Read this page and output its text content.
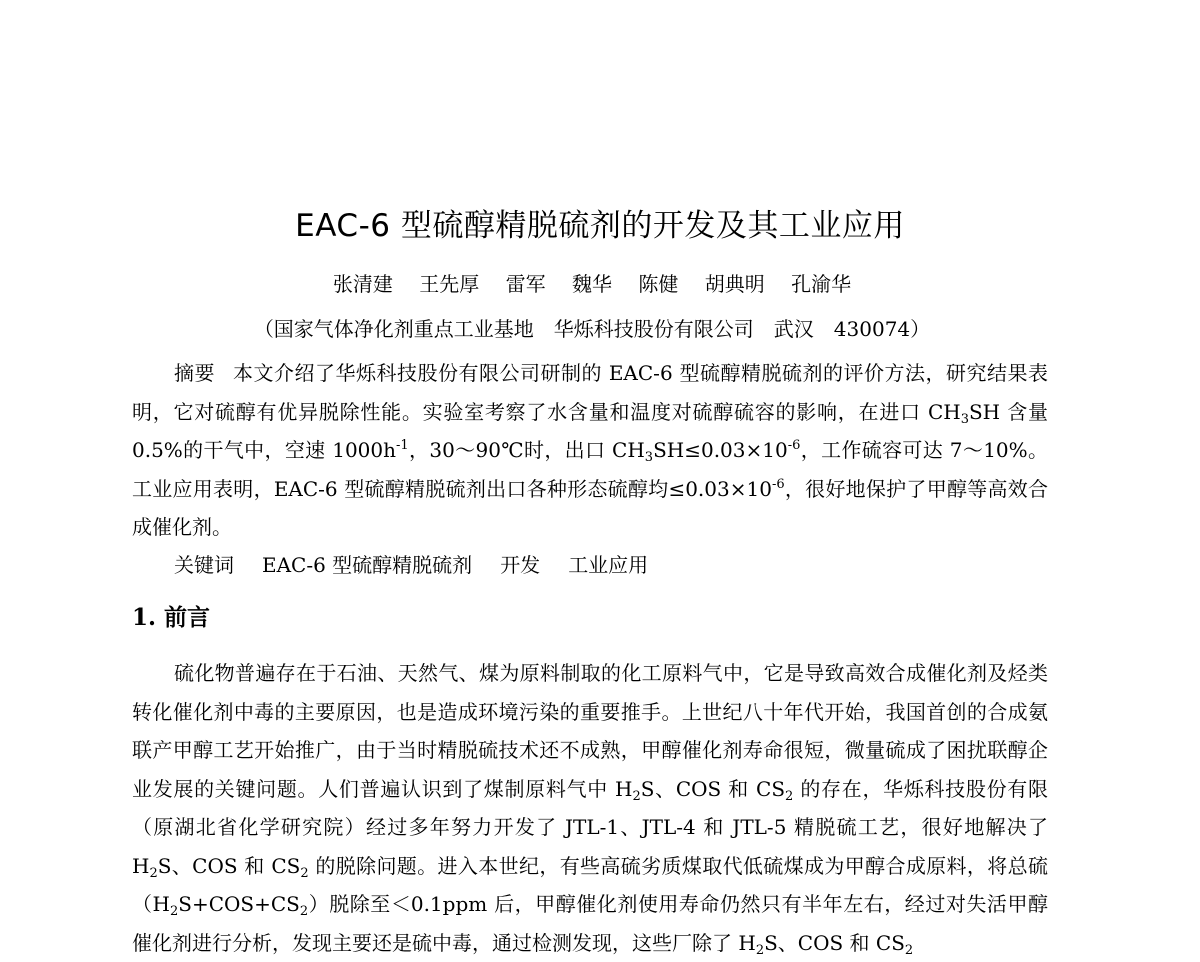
EAC-6 型硫醇精脱硫剂的开发及其工业应用

张清建 王先厚 雷军 魏华 陈健 胡典明 孔渝华

（国家气体净化剂重点工业基地　华烁科技股份有限公司　武汉　430074）

摘要 本文介绍了华烁科技股份有限公司研制的 EAC-6 型硫醇精脱硫剂的评价方法，研究结果表明，它对硫醇有优异脱除性能。实验室考察了水含量和温度对硫醇硫容的影响，在进口 $CH_3SH$ 含量 0.5%的干气中，空速 $1000h^{-1}$，30～90℃时，出口 $CH_3SH\le 0.03\times 10^{-6}$，工作硫容可达 7～10%。工业应用表明，EAC-6 型硫醇精脱硫剂出口各种形态硫醇均$\le 0.03\times 10^{-6}$，很好地保护了甲醇等高效合成催化剂。

关键词 EAC-6 型硫醇精脱硫剂 开发 工业应用

1. 前言

硫化物普遍存在于石油、天然气、煤为原料制取的化工原料气中，它是导致高效合成催化剂及烃类转化催化剂中毒的主要原因，也是造成环境污染的重要推手。上世纪八十年代开始，我国首创的合成氨联产甲醇工艺开始推广，由于当时精脱硫技术还不成熟，甲醇催化剂寿命很短，微量硫成了困扰联醇企业发展的关键问题。人们普遍认识到了煤制原料气中 $H_2S$、COS 和 $CS_2$ 的存在，华烁科技股份有限（原湖北省化学研究院）经过多年努力开发了 JTL-1、JTL-4 和 JTL-5 精脱硫工艺，很好地解决了 $H_2S$、COS 和 $CS_2$ 的脱除问题。进入本世纪，有些高硫劣质煤取代低硫煤成为甲醇合成原料，将总硫$(H_2S+COS+CS_2)$脱除至＜0.1ppm 后，甲醇催化剂使用寿命仍然只有半年左右，经过对失活甲醇催化剂进行分析，发现主要还是硫中毒，通过检测发现，这些厂除了 $H_2S$、COS 和 $CS_2$
